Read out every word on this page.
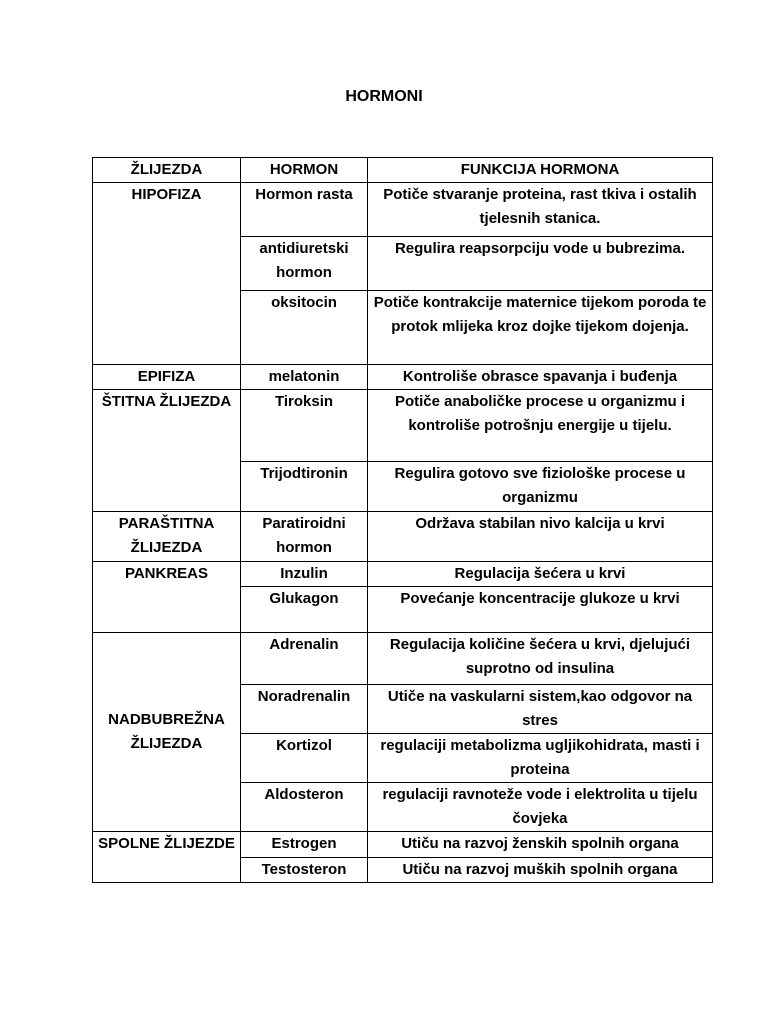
HORMONI
ŽLIJEZDA	HORMON	FUNKCIJA HORMONA
HIPOFIZA	Hormon rasta	Potiče stvaranje proteina, rast tkiva i ostalih tjelesnih stanica.
	antidiuretski hormon	Regulira reapsorpciju vode u bubrezima.
	oksitocin	Potiče kontrakcije maternice tijekom poroda te protok mlijeka kroz dojke tijekom dojenja.
EPIFIZA	melatonin	Kontroliše obrasce spavanja i buđenja
ŠTITNA ŽLIJEZDA	Tiroksin	Potiče anaboličke procese u organizmu i kontroliše potrošnju energije u tijelu.
	Trijodtironin	Regulira gotovo sve fiziološke procese u organizmu
PARAŠTITNA ŽLIJEZDA	Paratiroidni hormon	Održava stabilan nivo kalcija u krvi
PANKREAS	Inzulin	Regulacija šećera u krvi
	Glukagon	Povećanje koncentracije glukoze u krvi
NADBUBREŽNA ŽLIJEZDA	Adrenalin	Regulacija količine šećera u krvi, djelujući suprotno od insulina
	Noradrenalin	Utiče na vaskularni sistem,kao odgovor na stres
	Kortizol	regulaciji metabolizma ugljikohidrata, masti i proteina
	Aldosteron	regulaciji ravnoteže vode i elektrolita u tijelu čovjeka
SPOLNE ŽLIJEZDE	Estrogen	Utiču na razvoj ženskih spolnih organa
	Testosteron	Utiču na razvoj muških spolnih organa
